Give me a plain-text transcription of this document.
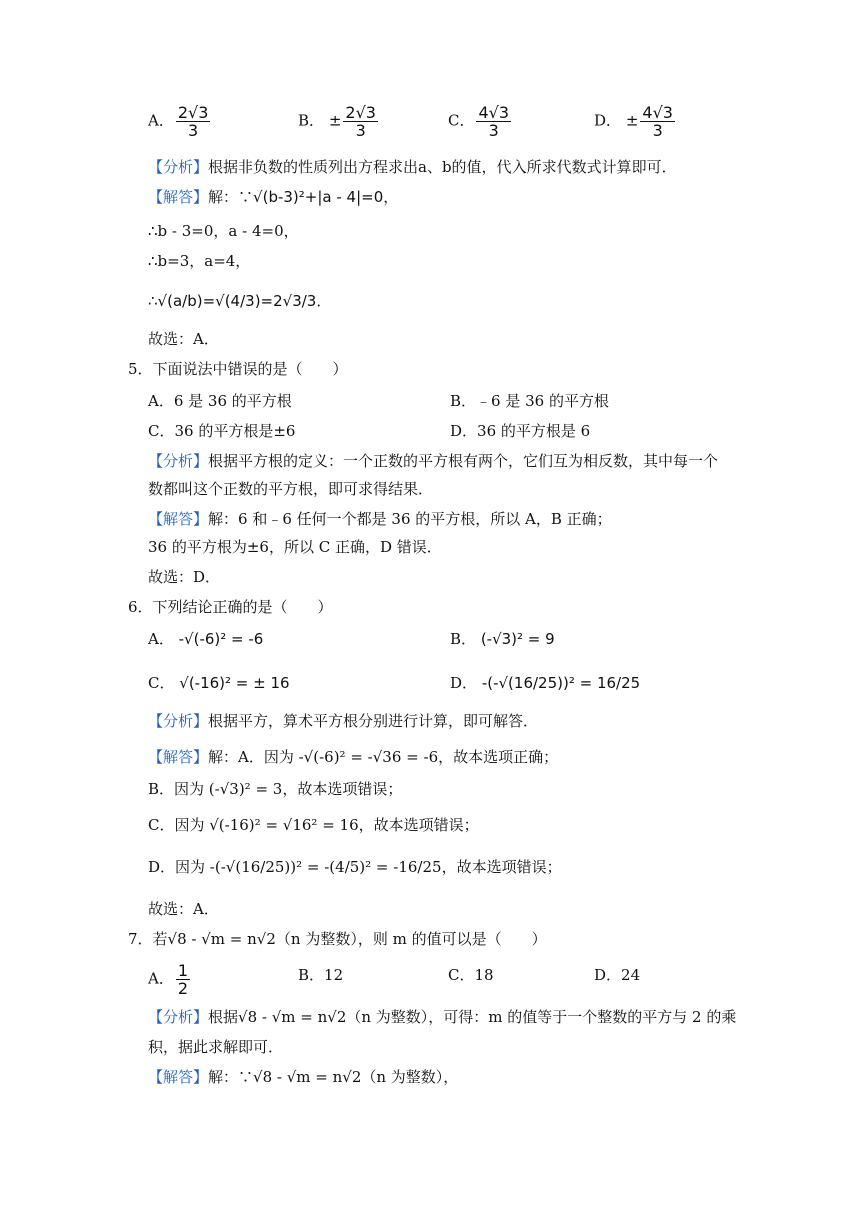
A． $\frac{2√3}{3}$	B． ± $\frac{2√3}{3}$	C． $\frac{4√3}{3}$	D． ± $\frac{4√3}{3}$
【分析】根据非负数的性质列出方程求出a、b的值，代入所求代数式计算即可．
【解答】解：∵√(b-3)²+|a - 4|=0，
∴b - 3=0，a - 4=0，
∴b=3，a=4，
∴√(a/b)=√(4/3)=2√3/3．
故选：A．
5．下面说法中错误的是（　　）
A．6 是 36 的平方根	B．﹣6 是 36 的平方根
C．36 的平方根是±6	D．36 的平方根是 6
【分析】根据平方根的定义：一个正数的平方根有两个，它们互为相反数，其中每一个
数都叫这个正数的平方根，即可求得结果．
【解答】解：6 和﹣6 任何一个都是 36 的平方根，所以 A，B 正确；
36 的平方根为±6，所以 C 正确，D 错误．
故选：D．
6．下列结论正确的是（　　）
A． -√(-6)² = -6	B． (-√3)² = 9
C． √(-16)² = ± 16	D． -(-√(16/25))² = 16/25
【分析】根据平方，算术平方根分别进行计算，即可解答．
【解答】解：A．因为 -√(-6)² = -√36 = -6，故本选项正确；
B．因为 (-√3)² = 3，故本选项错误；
C．因为 √(-16)² = √16² = 16，故本选项错误；
D．因为 -(-√(16/25))² = -(4/5)² = -16/25，故本选项错误；
故选：A．
7．若√8 - √m = n√2（n 为整数），则 m 的值可以是（　　）
A． $\frac{1}{2}$	B．12	C．18	D．24
【分析】根据√8 - √m = n√2（n 为整数），可得：m 的值等于一个整数的平方与 2 的乘
积，据此求解即可．
【解答】解：∵√8 - √m = n√2（n 为整数），
